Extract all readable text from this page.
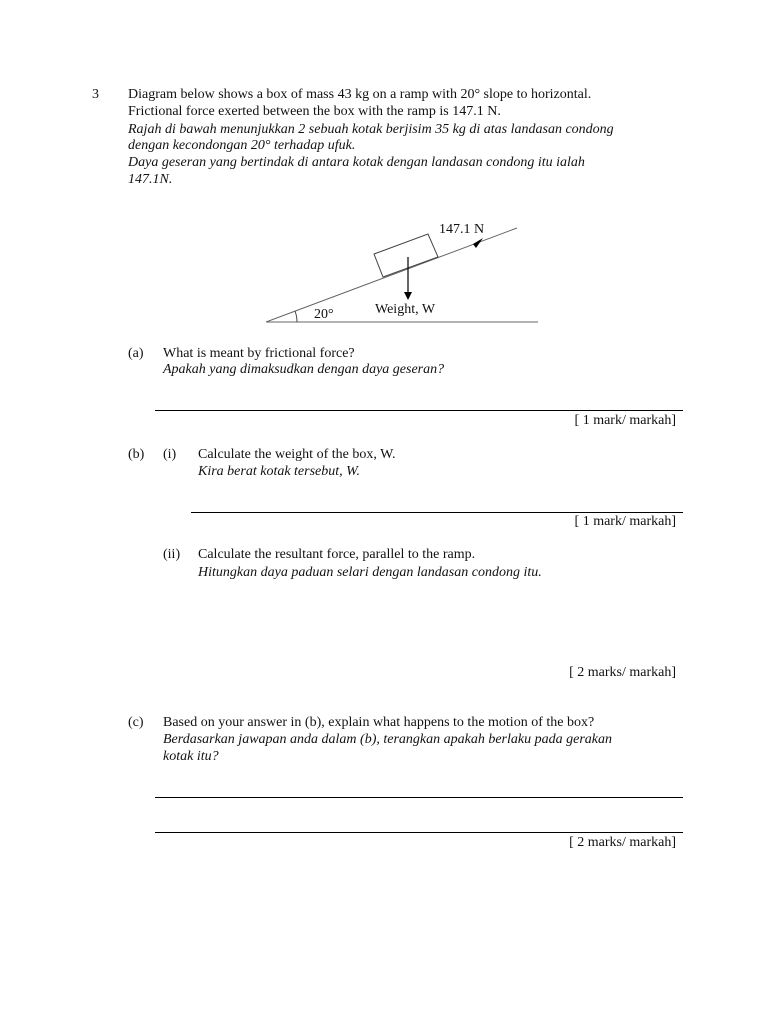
3 Diagram below shows a box of mass 43 kg on a ramp with 20° slope to horizontal.
Frictional force exerted between the box with the ramp is 147.1 N.
Rajah di bawah menunjukkan 2 sebuah kotak berjisim 35 kg di atas landasan condong
dengan kecondongan 20° terhadap ufuk.
Daya geseran yang bertindak di antara kotak dengan landasan condong itu ialah
147.1N.
147.1 N
Weight, W
20°
(a) What is meant by frictional force?
Apakah yang dimaksudkan dengan daya geseran?
[ 1 mark/ markah]
(b) (i) Calculate the weight of the box, W.
Kira berat kotak tersebut, W.
[ 1 mark/ markah]
(ii) Calculate the resultant force, parallel to the ramp.
Hitungkan daya paduan selari dengan landasan condong itu.
[ 2 marks/ markah]
(c) Based on your answer in (b), explain what happens to the motion of the box?
Berdasarkan jawapan anda dalam (b), terangkan apakah berlaku pada gerakan
kotak itu?
[ 2 marks/ markah]
